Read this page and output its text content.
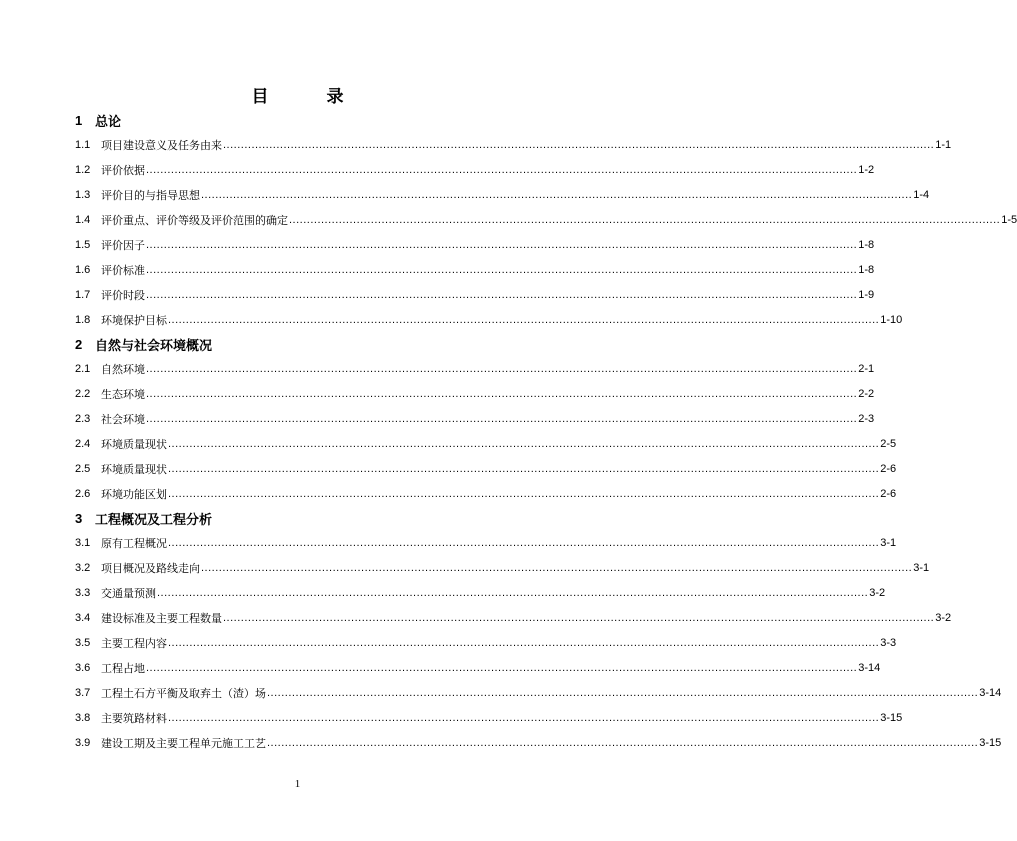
目 录
1 总论
1.1 项目建设意义及任务由来 ........................................................................................................................................................................................................ 1-1
1.2 评价依据 ........................................................................................................................................................................................................ 1-2
1.3 评价目的与指导思想 ........................................................................................................................................................................................................ 1-4
1.4 评价重点、评价等级及评价范围的确定 ........................................................................................................................................................................................................ 1-5
1.5 评价因子 ........................................................................................................................................................................................................ 1-8
1.6 评价标准 ........................................................................................................................................................................................................ 1-8
1.7 评价时段 ........................................................................................................................................................................................................ 1-9
1.8 环境保护目标 ........................................................................................................................................................................................................ 1-10
2 自然与社会环境概况
2.1 自然环境 ........................................................................................................................................................................................................ 2-1
2.2 生态环境 ........................................................................................................................................................................................................ 2-2
2.3 社会环境 ........................................................................................................................................................................................................ 2-3
2.4 环境质量现状 ........................................................................................................................................................................................................ 2-5
2.5 环境质量现状 ........................................................................................................................................................................................................ 2-6
2.6 环境功能区划 ........................................................................................................................................................................................................ 2-6
3 工程概况及工程分析
3.1 原有工程概况 ........................................................................................................................................................................................................ 3-1
3.2 项目概况及路线走向 ........................................................................................................................................................................................................ 3-1
3.3 交通量预测 ........................................................................................................................................................................................................ 3-2
3.4 建设标准及主要工程数量 ........................................................................................................................................................................................................ 3-2
3.5 主要工程内容 ........................................................................................................................................................................................................ 3-3
3.6 工程占地 ........................................................................................................................................................................................................ 3-14
3.7 工程土石方平衡及取弃土（渣）场 ........................................................................................................................................................................................................ 3-14
3.8 主要筑路材料 ........................................................................................................................................................................................................ 3-15
3.9 建设工期及主要工程单元施工工艺 ........................................................................................................................................................................................................ 3-15
1
